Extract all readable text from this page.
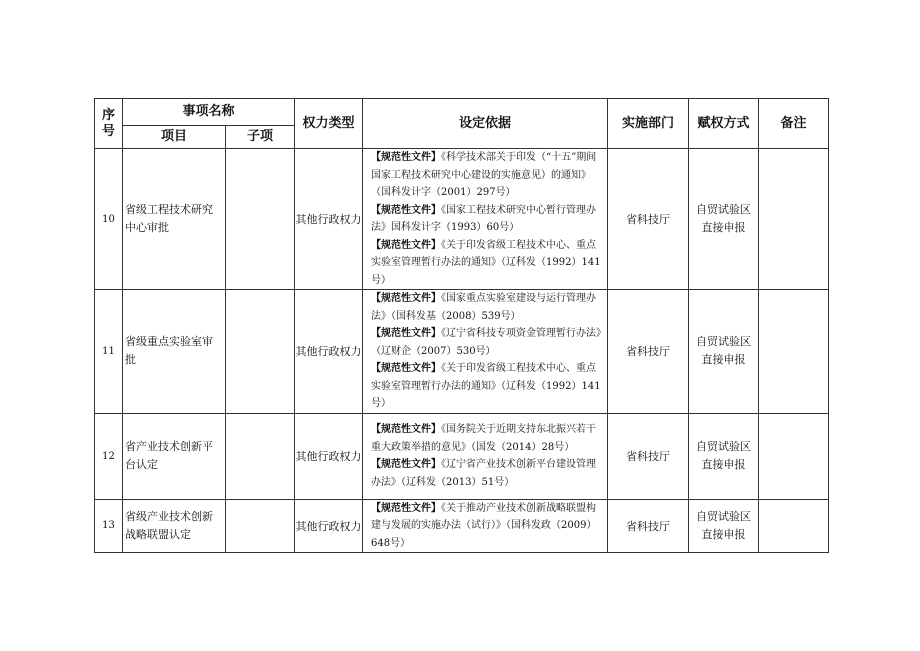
序
号	事项名称		权力类型	设定依据	实施部门	赋权方式	备注
	项目	子项					
10	省级工程技术研究中心审批		其他行政权力	【规范性文件】《科学技术部关于印发（“十五”期间国家工程技术研究中心建设的实施意见）的通知》（国科发计字（2001）297号）

【规范性文件】《国家工程技术研究中心暂行管理办法》国科发计字（1993）60号）

【规范性文件】《关于印发省级工程技术中心、重点实验室管理暂行办法的通知》（辽科发（1992）141号）	省科技厅	自贸试验区直接申报	
11	省级重点实验室审批		其他行政权力	【规范性文件】《国家重点实验室建设与运行管理办法》（国科发基（2008）539号）

【规范性文件】《辽宁省科技专项资金管理暂行办法》（辽财企（2007）530号）

【规范性文件】《关于印发省级工程技术中心、重点实验室管理暂行办法的通知》（辽科发（1992）141号）	省科技厅	自贸试验区直接申报	
12	省产业技术创新平台认定		其他行政权力	【规范性文件】《国务院关于近期支持东北振兴若干重大政策举措的意见》（国发（2014）28号）

【规范性文件】《辽宁省产业技术创新平台建设管理办法》（辽科发（2013）51号）	省科技厅	自贸试验区直接申报	
13	省级产业技术创新战略联盟认定		其他行政权力	【规范性文件】《关于推动产业技术创新战略联盟构建与发展的实施办法（试行）》（国科发政（2009）648号）	省科技厅	自贸试验区直接申报	
